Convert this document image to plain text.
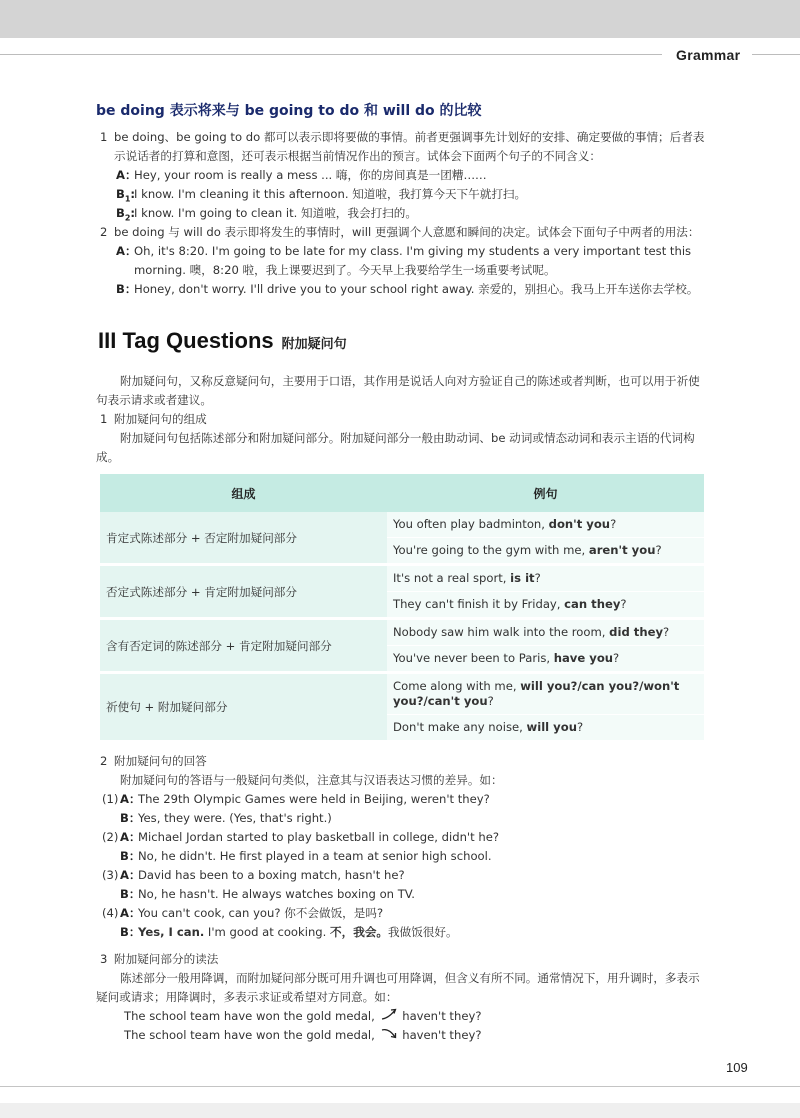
Grammar
be doing 表示将来与 be going to do 和 will do 的比较
1 be doing、be going to do 都可以表示即将要做的事情。前者更强调事先计划好的安排、确定要做的事情；后者表示说话者的打算和意图，还可表示根据当前情况作出的预言。试体会下面两个句子的不同含义：
A：
Hey, your room is really a mess ... 嗨，你的房间真是一团糟……
$B_1$:
I know. I'm cleaning it this afternoon. 知道啦，我打算今天下午就打扫。
$B_2$:
I know. I'm going to clean it. 知道啦，我会打扫的。
2 be doing 与 will do 表示即将发生的事情时，will 更强调个人意愿和瞬间的决定。试体会下面句子中两者的用法：
A：
Oh, it's 8:20. I'm going to be late for my class. I'm giving my students a very important test this morning. 噢，8:20 啦，我上课要迟到了。今天早上我要给学生一场重要考试呢。
B：
Honey, don't worry. I'll drive you to your school right away. 亲爱的，别担心。我马上开车送你去学校。
III Tag Questions 附加疑问句
附加疑问句，又称反意疑问句，主要用于口语，其作用是说话人向对方验证自己的陈述或者判断，也可以用于祈使句表示请求或者建议。
1 附加疑问句的组成
附加疑问句包括陈述部分和附加疑问部分。附加疑问部分一般由助动词、be 动词或情态动词和表示主语的代词构成。
组成	例句
肯定式陈述部分 + 否定附加疑问部分	You often play badminton, don't you?
You're going to the gym with me, aren't you?

否定式陈述部分 + 肯定附加疑问部分	It's not a real sport, is it?
They can't finish it by Friday, can they?

含有否定词的陈述部分 + 肯定附加疑问部分	Nobody saw him walk into the room, did they?
You've never been to Paris, have you?

祈使句 + 附加疑问部分	Come along with me, will you?/can you?/won't you?/can't you?
Don't make any noise, will you?
2 附加疑问句的回答
附加疑问句的答语与一般疑问句类似，注意其与汉语表达习惯的差异。如：
(1) A：
The 29th Olympic Games were held in Beijing, weren't they?
B：
Yes, they were. (Yes, that's right.)
(2) A：
Michael Jordan started to play basketball in college, didn't he?
B：
No, he didn't. He first played in a team at senior high school.
(3) A：
David has been to a boxing match, hasn't he?
B：
No, he hasn't. He always watches boxing on TV.
(4) A：
You can't cook, can you? 你不会做饭，是吗?
B：
Yes, I can. I'm good at cooking. 不，我会。我做饭很好。
3 附加疑问部分的读法
陈述部分一般用降调，而附加疑问部分既可用升调也可用降调，但含义有所不同。通常情况下，用升调时，多表示疑问或请求；用降调时，多表示求证或希望对方同意。如：
The school team have won the gold medal, haven't they?
The school team have won the gold medal, haven't they?
109
